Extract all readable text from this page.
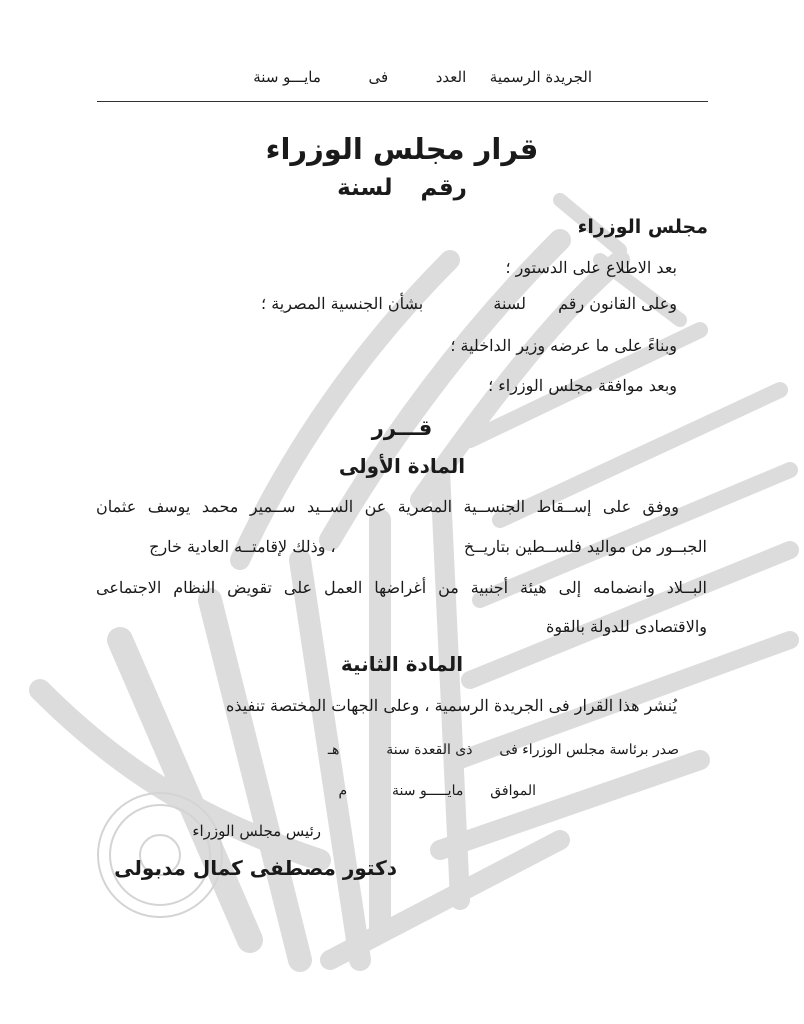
الجريدة الرسمية  العدد  فى  مايـــو سنة
قرار مجلس الوزراء
رقم لسنة
مجلس الوزراء
بعد الاطلاع على الدستور ؛
وعلى القانون رقم  لسنة  بشأن الجنسية المصرية ؛
وبناءً على ما عرضه وزير الداخلية ؛
وبعد موافقة مجلس الوزراء ؛
قـــرر
المادة الأولى
ووفق على إســقاط الجنســية المصرية عن الســيد ســمير محمد يوسف عثمان
الجبــور من مواليد فلســطين بتاريــخ  ، وذلك لإقامتــه العادية خارج
البــلاد وانضمامه إلى هيئة أجنبية من أغراضها العمل على تقويض النظام الاجتماعى
والاقتصادى للدولة بالقوة
المادة الثانية
يُنشر هذا القرار فى الجريدة الرسمية ، وعلى الجهات المختصة تنفيذه
صدر برئاسة مجلس الوزراء فى  ذى القعدة سنة  هـ
الموافق  مايـــــو سنة  م
رئيس مجلس الوزراء
دكتور مصطفى كمال مدبولى
